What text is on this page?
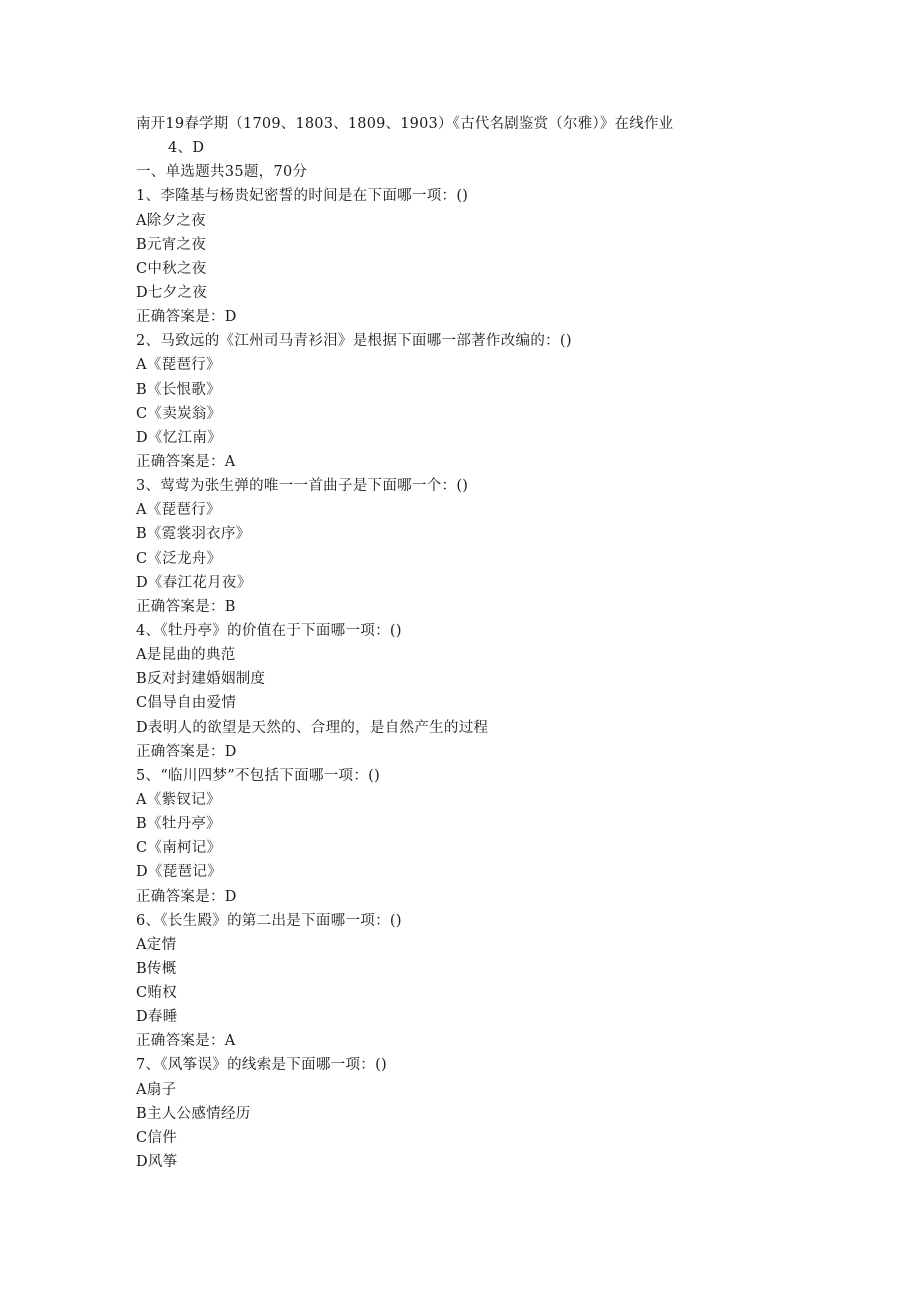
南开19春学期（1709、1803、1809、1903）《古代名剧鉴赏（尔雅）》在线作业
4、D
一、单选题共35题，70分
1、李隆基与杨贵妃密誓的时间是在下面哪一项：()
A除夕之夜
B元宵之夜
C中秋之夜
D七夕之夜
正确答案是：D
2、马致远的《江州司马青衫泪》是根据下面哪一部著作改编的：()
A《琵琶行》
B《长恨歌》
C《卖炭翁》
D《忆江南》
正确答案是：A
3、莺莺为张生弹的唯一一首曲子是下面哪一个：()
A《琵琶行》
B《霓裳羽衣序》
C《泛龙舟》
D《春江花月夜》
正确答案是：B
4、《牡丹亭》的价值在于下面哪一项：()
A是昆曲的典范
B反对封建婚姻制度
C倡导自由爱情
D表明人的欲望是天然的、合理的，是自然产生的过程
正确答案是：D
5、“临川四梦”不包括下面哪一项：()
A《紫钗记》
B《牡丹亭》
C《南柯记》
D《琵琶记》
正确答案是：D
6、《长生殿》的第二出是下面哪一项：()
A定情
B传概
C贿权
D春睡
正确答案是：A
7、《风筝误》的线索是下面哪一项：()
A扇子
B主人公感情经历
C信件
D风筝
